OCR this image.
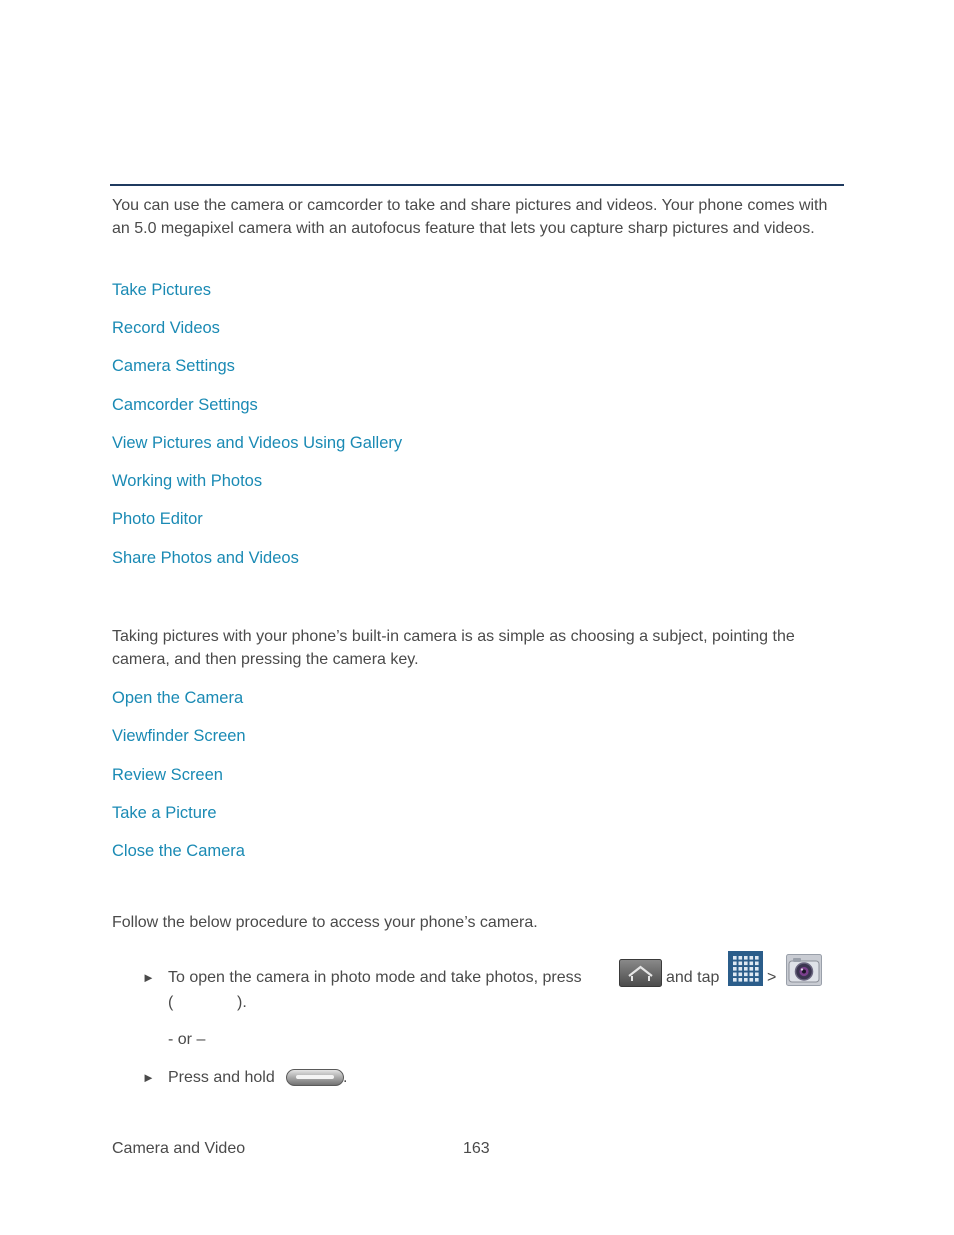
You can use the camera or camcorder to take and share pictures and videos. Your phone comes with an 5.0 megapixel camera with an autofocus feature that lets you capture sharp pictures and videos.

Take Pictures
Record Videos
Camera Settings
Camcorder Settings
View Pictures and Videos Using Gallery
Working with Photos
Photo Editor
Share Photos and Videos

Taking pictures with your phone’s built-in camera is as simple as choosing a subject, pointing the camera, and then pressing the camera key.

Open the Camera
Viewfinder Screen
Review Screen
Take a Picture
Close the Camera

Follow the below procedure to access your phone’s camera.

► To open the camera in photo mode and take photos, press	and tap	>
(	).
- or –
► Press and hold	.
Camera and Video	163
